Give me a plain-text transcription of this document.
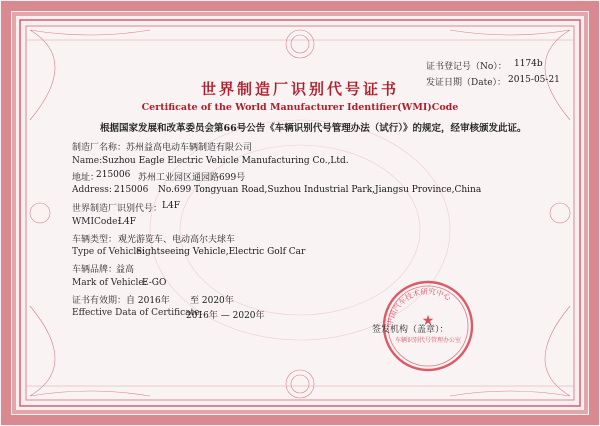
证书登记号（No）： 1174b
发证日期（Date）： 2015-05-21
世界制造厂识别代号证书
Certificate of the World Manufacturer Identifier(WMI)Code
根据国家发展和改革委员会第66号公告《车辆识别代号管理办法（试行）》的规定，经审核颁发此证。
制造厂名称： 苏州益高电动车辆制造有限公司
Name: Suzhou Eagle Electric Vehicle Manufacturing Co.,Ltd.
地址：
215006 苏州工业园区通园路699号
Address: 215006 No.699 Tongyuan Road,Suzhou Industrial Park,Jiangsu Province,China
世界制造厂识别代号： L4F
WMICode:
L4F
车辆类型： 观光游览车、电动高尔夫球车
Type of Vehicle:
Sightseeing Vehicle,Electric Golf Car
车辆品牌：
益高
Mark of Vehicle:
E-GO
证书有效期： 自 2016年 至 2020年
Effective Data of Certificate:
2016年 — 2020年
中国汽车技术研究中心
★
车辆识别代号管理办公室
签发机构（盖章）：
